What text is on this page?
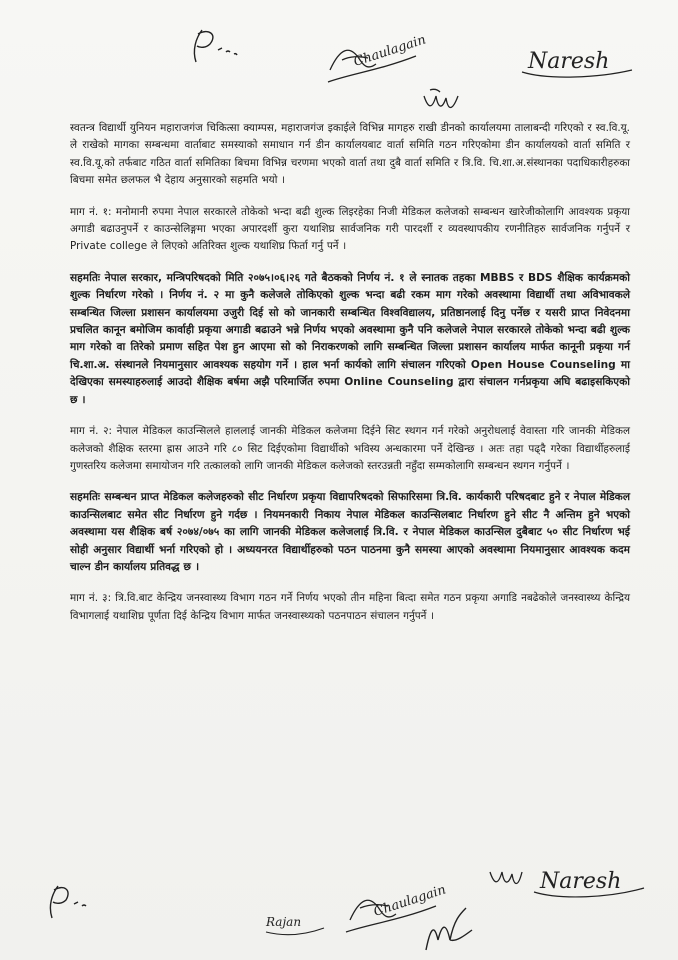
Chaulagain	Naresh

स्वतन्त्र विद्यार्थी युनियन महाराजगंज चिकित्सा क्याम्पस, महाराजगंज इकाईले विभिन्न मागहरु राखी डीनको कार्यालयमा तालाबन्दी गरिएको र स्व.वि.यू. ले राखेको मागका सम्बन्धमा वार्ताबाट समस्याको समाधान गर्न डीन कार्यालयबाट वार्ता समिति गठन गरिएकोमा डीन कार्यालयको वार्ता समिति र स्व.वि.यू.को तर्फबाट गठित वार्ता समितिका बिचमा विभिन्न चरणमा भएको वार्ता तथा दुबै वार्ता समिति र त्रि.वि. चि.शा.अ.संस्थानका पदाधिकारीहरुका बिचमा समेत छलफल भै देहाय अनुसारको सहमति भयो ।

माग नं. १: मनोमानी रुपमा नेपाल सरकारले तोकेको भन्दा बढी शुल्क लिइरहेका निजी मेडिकल कलेजको सम्बन्धन खारेजीकोलागि आवश्यक प्रकृया अगाडी बढाउनुपर्ने र काउन्सेलिङ्गमा भएका अपारदर्शी कुरा यथाशिघ्र सार्वजनिक गरी पारदर्शी र व्यवस्थापकीय रणनीतिहरु सार्वजनिक गर्नुपर्ने र Private college ले लिएको अतिरिक्त शुल्क यथाशिघ्र फिर्ता गर्नु पर्ने ।

सहमतिः नेपाल सरकार, मन्त्रिपरिषदको मिति २०७५।०६।२६ गते बैठकको निर्णय नं. १ ले स्नातक तहका MBBS र BDS शैक्षिक कार्यक्रमको शुल्क निर्धारण गरेको । निर्णय नं. २ मा कुनै कलेजले तोकिएको शुल्क भन्दा बढी रकम माग गरेको अवस्थामा विद्यार्थी तथा अविभावकले सम्बन्धित जिल्ला प्रशासन कार्यालयमा उजुरी दिई सो को जानकारी सम्बन्धित विश्वविद्यालय, प्रतिष्ठानलाई दिनु पर्नेछ र यसरी प्राप्त निवेदनमा प्रचलित कानून बमोजिम कार्वाही प्रकृया अगाडी बढाउने भन्ने निर्णय भएको अवस्थामा कुनै पनि कलेजले नेपाल सरकारले तोकेको भन्दा बढी शुल्क माग गरेको वा तिरेको प्रमाण सहित पेश हुन आएमा सो को निराकरणको लागि सम्बन्धित जिल्ला प्रशासन कार्यालय मार्फत कानूनी प्रकृया गर्न चि.शा.अ. संस्थानले नियमानुसार आवश्यक सहयोग गर्ने । हाल भर्ना कार्यको लागि संचालन गरिएको Open House Counseling मा देखिएका समस्याहरुलाई आउदो शैक्षिक बर्षमा अझै परिमार्जित रुपमा Online Counseling द्वारा संचालन गर्नप्रकृया अघि बढाइसकिएको छ ।

माग नं. २: नेपाल मेडिकल काउन्सिलले हाललाई जानकी मेडिकल कलेजमा दिईने सिट स्थगन गर्न गरेको अनुरोधलाई वेवास्ता गरि जानकी मेडिकल कलेजको शैक्षिक स्तरमा ह्रास आउने गरि ८० सिट दिईएकोमा विद्यार्थीको भविस्य अन्धकारमा पर्ने देखिन्छ । अतः तहा पढ्दै गरेका विद्यार्थीहरुलाई गुणस्तरिय कलेजमा समायोजन गरि तत्कालको लागि जानकी मेडिकल कलेजको स्तरउन्नती नहुँदा सम्मकोलागि सम्बन्धन स्थगन गर्नुपर्ने ।

सहमतिः सम्बन्धन प्राप्त मेडिकल कलेजहरुको सीट निर्धारण प्रकृया विद्यापरिषदको सिफारिसमा त्रि.वि. कार्यकारी परिषदबाट हुने र नेपाल मेडिकल काउन्सिलबाट समेत सीट निर्धारण हुने गर्दछ । नियमनकारी निकाय नेपाल मेडिकल काउन्सिलबाट निर्धारण हुने सीट नै अन्तिम हुने भएको अवस्थामा यस शैक्षिक बर्ष २०७४/०७५ का लागि जानकी मेडिकल कलेजलाई त्रि.वि. र नेपाल मेडिकल काउन्सिल दुबैबाट ५० सीट निर्धारण भई सोही अनुसार विद्यार्थी भर्ना गरिएको हो । अध्ययनरत विद्यार्थीहरुको पठन पाठनमा कुनै समस्या आएको अवस्थामा नियमानुसार आवश्यक कदम चाल्न डीन कार्यालय प्रतिवद्ध छ ।

माग नं. ३: त्रि.वि.बाट केन्द्रिय जनस्वास्थ्य विभाग गठन गर्ने निर्णय भएको तीन महिना बित्दा समेत गठन प्रकृया अगाडि नबढेकोले जनस्वास्थ्य केन्द्रिय विभागलाई यथाशिघ्र पूर्णता दिई केन्द्रिय विभाग मार्फत जनस्वास्थ्यको पठनपाठन संचालन गर्नुपर्ने ।

Rajan
Chaulagain
Naresh
